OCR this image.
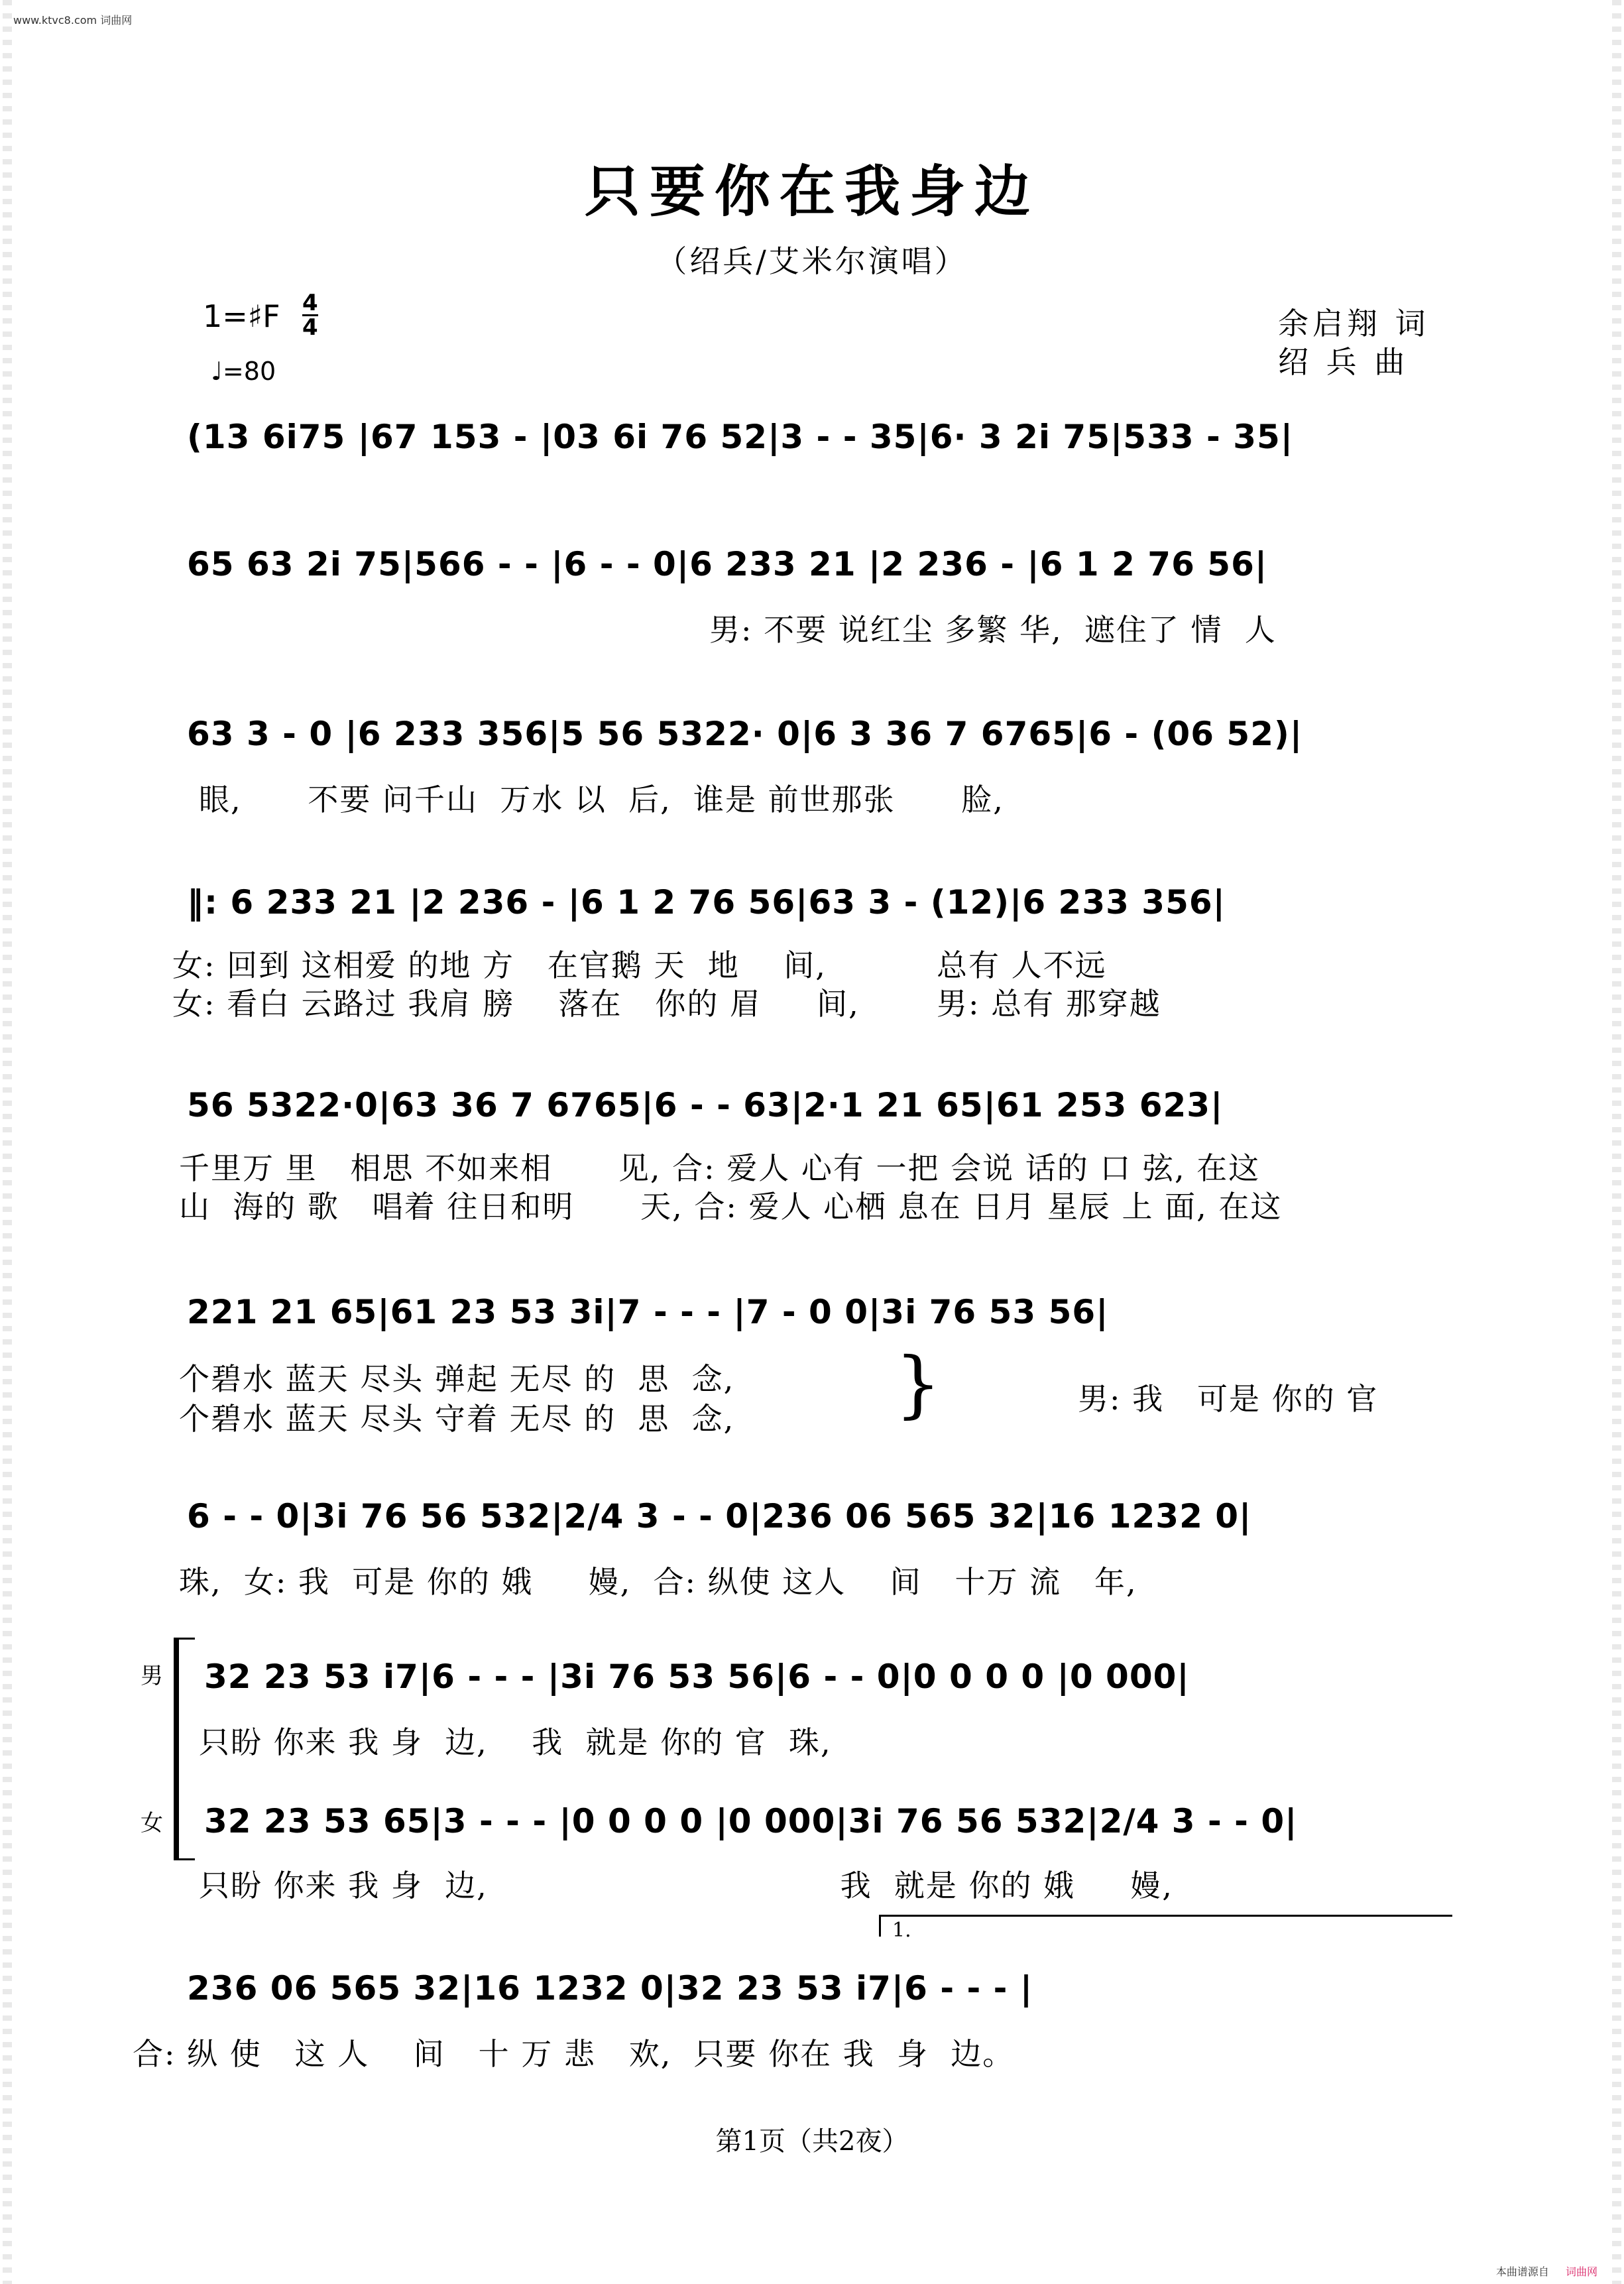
www.ktvc8.com 词曲网
只要你在我身边
（绍兵/艾米尔演唱）
1=♯F 4
4
♩=80
余启翔 词
绍 兵 曲
(13 6i75 |67 153 - |03 6i 76 52|3 - - 35|6· 3 2i 75|533 - 35|
65 63 2i 75|566 - - |6 - - 0|6 233 21 |2 236 - |6 1 2 76 56|
男: 不要 说红尘 多繁 华,  遮住了 情  人
63 3 - 0 |6 233 356|5 56 5322· 0|6 3 36 7 6765|6 - (06 52)|
眼,      不要 问千山  万水 以  后,  谁是 前世那张      脸,
‖: 6 233 21 |2 236 - |6 1 2 76 56|63 3 - (12)|6 233 356|
女: 回到 这相爱 的地 方   在官鹅 天  地    间,          总有 人不远
女: 看白 云路过 我肩 膀    落在   你的 眉     间,       男: 总有 那穿越
56 5322·0|63 36 7 6765|6 - - 63|2·1 21 65|61 253 623|
千里万 里   相思 不如来相      见, 合: 爱人 心有 一把 会说 话的 口 弦, 在这
山  海的 歌   唱着 往日和明      天, 合: 爱人 心栖 息在 日月 星辰 上 面, 在这
221 21 65|61 23 53 3i|7 - - - |7 - 0 0|3i 76 53 56|
个碧水 蓝天 尽头 弹起 无尽 的  思  念,
个碧水 蓝天 尽头 守着 无尽 的  思  念,	}	男: 我   可是 你的 官
6 - - 0|3i 76 56 532|2/4 3 - - 0|236 06 565 32|16 1232 0|
珠,  女: 我  可是 你的 娥     嫚,  合: 纵使 这人    间   十万 流   年,
男
女
32 23 53 i7|6 - - - |3i 76 53 56|6 - - 0|0 0 0 0 |0 000|
只盼 你来 我 身  边,    我  就是 你的 官  珠,
32 23 53 65|3 - - - |0 0 0 0 |0 000|3i 76 56 532|2/4 3 - - 0|
只盼 你来 我 身  边,                                我  就是 你的 娥     嫚,
1.
236 06 565 32|16 1232 0|32 23 53 i7|6 - - - |
合: 纵 使   这 人    间   十 万 悲   欢,  只要 你在 我  身  边。
第1页（共2夜）
本曲谱源自 词曲网
